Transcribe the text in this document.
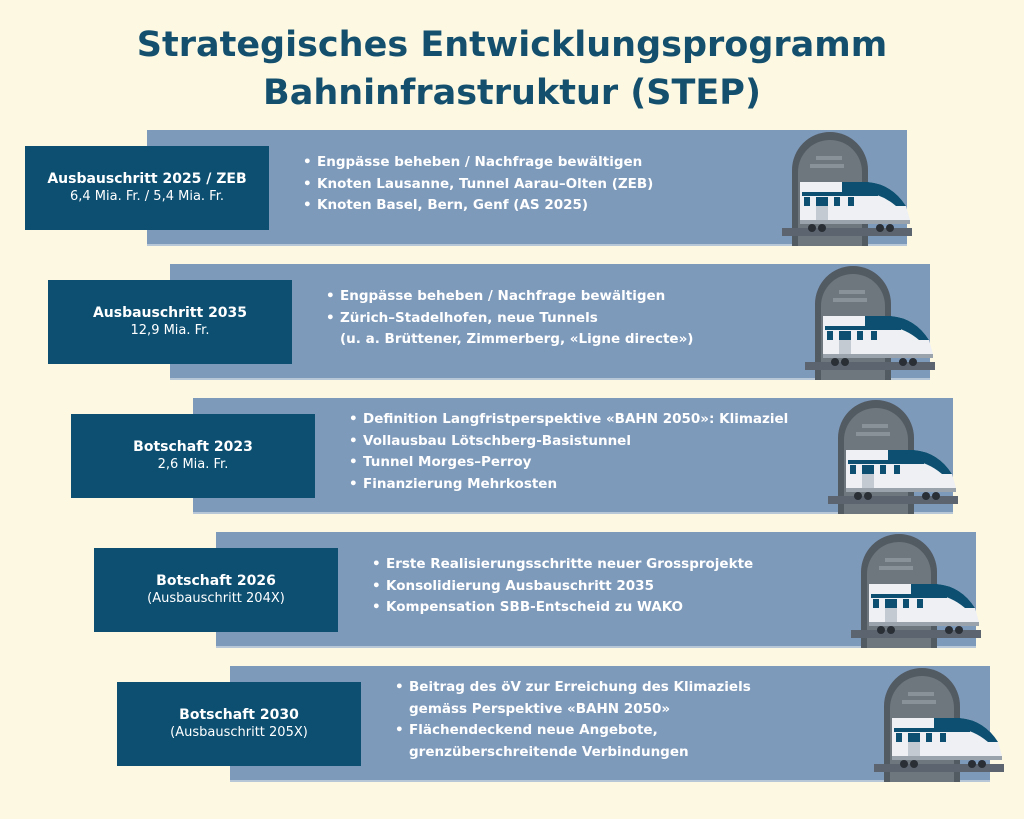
Strategisches Entwicklungsprogramm
Bahninfrastruktur (STEP)
Ausbauschritt 2025 / ZEB
6,4 Mia. Fr. / 5,4 Mia. Fr.
• Engpässe beheben / Nachfrage bewältigen
• Knoten Lausanne, Tunnel Aarau–Olten (ZEB)
• Knoten Basel, Bern, Genf (AS 2025)
Ausbauschritt 2035
12,9 Mia. Fr.
• Engpässe beheben / Nachfrage bewältigen
• Zürich–Stadelhofen, neue Tunnels
(u. a. Brüttener, Zimmerberg, «Ligne directe»)
Botschaft 2023
2,6 Mia. Fr.
• Definition Langfristperspektive «BAHN 2050»: Klimaziel
• Vollausbau Lötschberg-Basistunnel
• Tunnel Morges–Perroy
• Finanzierung Mehrkosten
Botschaft 2026
(Ausbauschritt 204X)
• Erste Realisierungsschritte neuer Grossprojekte
• Konsolidierung Ausbauschritt 2035
• Kompensation SBB-Entscheid zu WAKO
Botschaft 2030
(Ausbauschritt 205X)
• Beitrag des öV zur Erreichung des Klimaziels
gemäss Perspektive «BAHN 2050»
• Flächendeckend neue Angebote,
grenzüberschreitende Verbindungen
